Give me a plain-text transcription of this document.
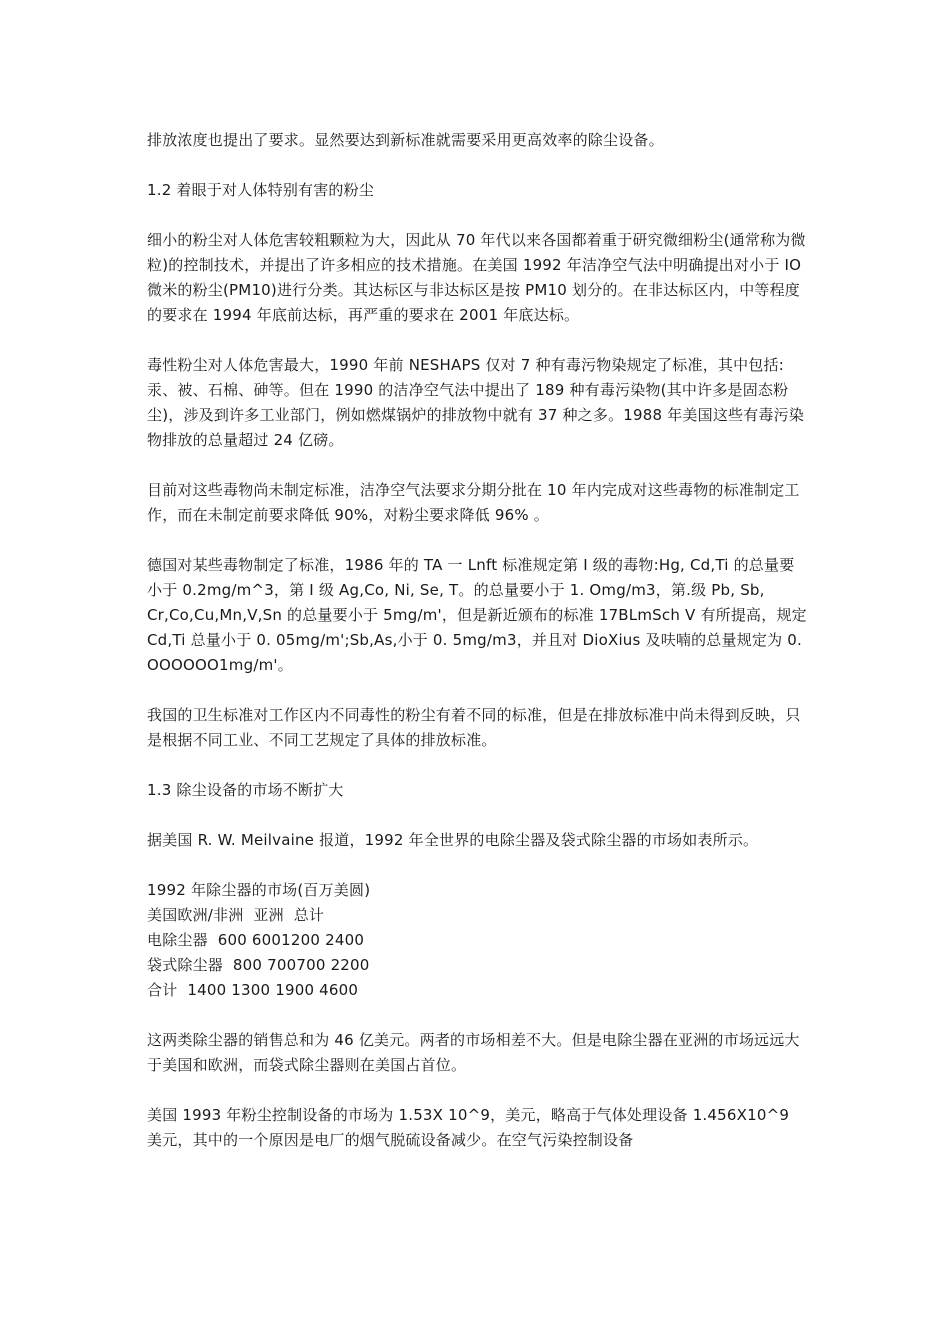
排放浓度也提出了要求。显然要达到新标准就需要采用更高效率的除尘设备。

1.2 着眼于对人体特别有害的粉尘

细小的粉尘对人体危害较粗颗粒为大，因此从 70 年代以来各国都着重于研究微细粉尘(通常称为微粒)的控制技术，并提出了许多相应的技术措施。在美国 1992 年洁净空气法中明确提出对小于 IO 微米的粉尘(PM10)进行分类。其达标区与非达标区是按 PM10 划分的。在非达标区内，中等程度的要求在 1994 年底前达标，再严重的要求在 2001 年底达标。

毒性粉尘对人体危害最大，1990 年前 NESHAPS 仅对 7 种有毒污物染规定了标准，其中包括:汞、被、石棉、砷等。但在 1990 的洁净空气法中提出了 189 种有毒污染物(其中许多是固态粉尘)，涉及到许多工业部门，例如燃煤锅炉的排放物中就有 37 种之多。1988 年美国这些有毒污染物排放的总量超过 24 亿磅。

目前对这些毒物尚未制定标准，洁净空气法要求分期分批在 10 年内完成对这些毒物的标准制定工作，而在未制定前要求降低 90%，对粉尘要求降低 96% 。

德国对某些毒物制定了标准，1986 年的 TA 一 Lnft 标准规定第 I 级的毒物:Hg, Cd,Ti 的总量要小于 0.2mg/m^3，第 I 级 Ag,Co, Ni, Se, T。的总量要小于 1. Omg/m3，第.级 Pb, Sb, Cr,Co,Cu,Mn,V,Sn 的总量要小于 5mg/m'，但是新近颁布的标准 17BLmSch V 有所提高，规定 Cd,Ti 总量小于 0. 05mg/m';Sb,As,小于 0. 5mg/m3，并且对 DioXius 及呋喃的总量规定为 0. OOOOOO1mg/m'。

我国的卫生标准对工作区内不同毒性的粉尘有着不同的标准，但是在排放标准中尚未得到反映，只是根据不同工业、不同工艺规定了具体的排放标准。

1.3 除尘设备的市场不断扩大

据美国 R. W. Meilvaine 报道，1992 年全世界的电除尘器及袋式除尘器的市场如表所示。

1992 年除尘器的市场(百万美圆)

美国欧洲/非洲  亚洲  总计

电除尘器  600 6001200 2400

袋式除尘器  800 700700 2200

合计  1400 1300 1900 4600

这两类除尘器的销售总和为 46 亿美元。两者的市场相差不大。但是电除尘器在亚洲的市场远远大于美国和欧洲，而袋式除尘器则在美国占首位。

美国 1993 年粉尘控制设备的市场为 1.53X 10^9，美元，略高于气体处理设备 1.456X10^9 美元，其中的一个原因是电厂的烟气脱硫设备减少。在空气污染控制设备
